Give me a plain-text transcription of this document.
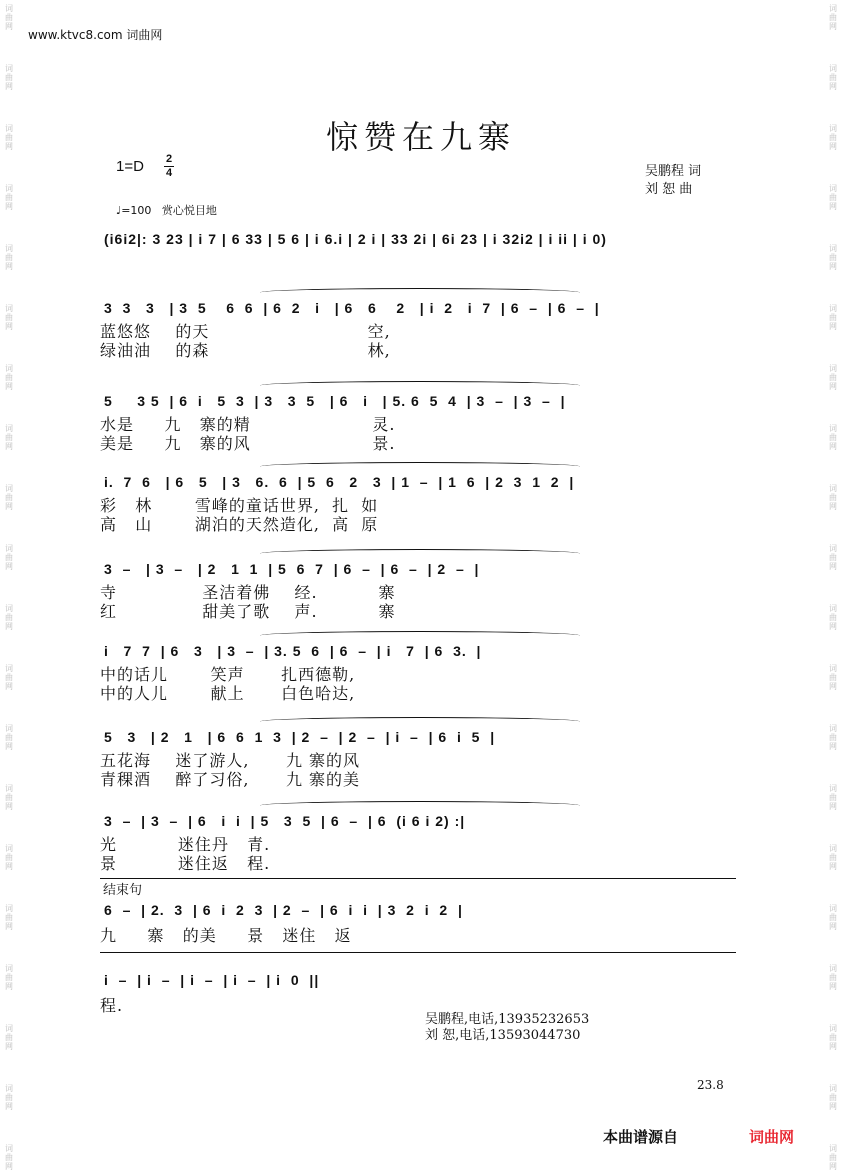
词曲网
词曲网
词曲网
词曲网
词曲网
词曲网
词曲网
词曲网
词曲网
词曲网
词曲网
词曲网
词曲网
词曲网
词曲网
词曲网
词曲网
词曲网
词曲网
词曲网
词曲网
词曲网
词曲网
词曲网
词曲网
词曲网
词曲网
词曲网
词曲网
词曲网
词曲网
词曲网
词曲网
词曲网
词曲网
词曲网
词曲网
词曲网
词曲网
词曲网
www.ktvc8.com 词曲网
惊赞在九寨
1=D 2
4	吴鹏程 词
刘 恕 曲
♩=100 赏心悦目地
(i6i2|: 3 23 | i 7 | 6 33 | 5 6 | i 6.i | 2 i | 33 2i | 6i 23 | i 32i2 | i ii | i 0)
3  3   3   | 3  5    6  6  | 6  2   i   | 6   6    2   | i  2   i  7  | 6  –  | 6  –  |
蓝悠悠    的天                          空,
绿油油    的森                          林,
5     3 5  | 6  i   5  3  | 3   3  5   | 6   i   | 5. 6  5  4  | 3  –  | 3  –  |
水是     九   寨的精                    灵.
美是     九   寨的风                    景.
i.  7  6   | 6   5   | 3   6.  6  | 5  6   2   3  | 1  –  | 1  6  | 2  3  1  2  |
彩   林       雪峰的童话世界,  扎  如
高   山       湖泊的天然造化,  高  原
3  –   | 3  –   | 2   1  1  | 5  6  7  | 6  –  | 6  –  | 2  –  |
寺              圣洁着佛    经.          寨
红              甜美了歌    声.          寨
i   7  7  | 6   3   | 3  –  | 3. 5  6  | 6  –  | i   7  | 6  3.  |
中的话儿       笑声      扎西德勒,
中的人儿       献上      白色哈达,
5   3   | 2   1   | 6  6  1  3  | 2  –  | 2  –  | i  –  | 6  i  5  |
五花海    迷了游人,      九 寨的风
青稞酒    醉了习俗,      九 寨的美
3  –  | 3  –  | 6   i  i  | 5   3  5  | 6  –  | 6  (i 6 i 2) :|
光          迷住丹   青.
景          迷住返   程.
结束句
6  –  | 2.  3  | 6  i  2  3  | 2  –  | 6  i  i  | 3  2  i  2  |
九     寨   的美     景   迷住   返
i  –  | i  –  | i  –  | i  –  | i  0  ||
程.
吴鹏程,电话,13935232653
刘 恕,电话,13593044730
23.8
本曲谱源自	词曲网
